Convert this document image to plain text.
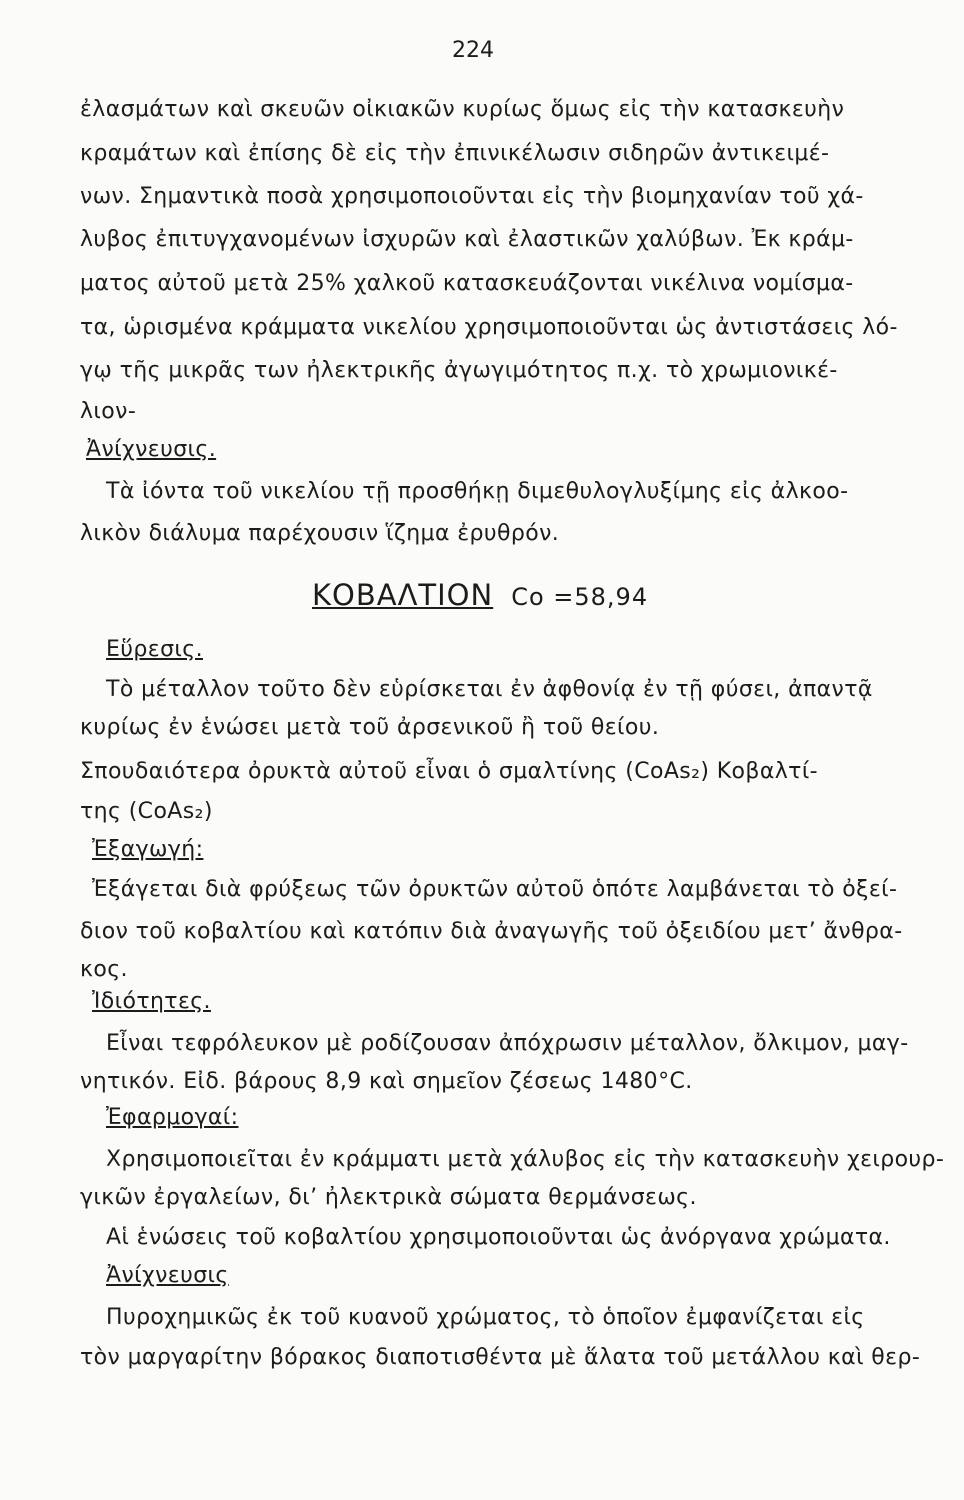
224
ἐλασμάτων καὶ σκευῶν οἰκιακῶν κυρίως ὅμως εἰς τὴν κατασκευὴν
κραμάτων καὶ ἐπίσης δὲ εἰς τὴν ἐπινικέλωσιν σιδηρῶν ἀντικειμέ-
νων. Σημαντικὰ ποσὰ χρησιμοποιοῦνται εἰς τὴν βιομηχανίαν τοῦ χά-
λυβος ἐπιτυγχανομένων ἰσχυρῶν καὶ ἐλαστικῶν χαλύβων. Ἐκ κράμ-
ματος αὐτοῦ μετὰ 25% χαλκοῦ κατασκευάζονται νικέλινα νομίσμα-
τα, ὡρισμένα κράμματα νικελίου χρησιμοποιοῦνται ὡς ἀντιστάσεις λό-
γῳ τῆς μικρᾶς των ἠλεκτρικῆς ἀγωγιμότητος π.χ. τὸ χρωμιονικέ-
λιον-
Ἀνίχνευσις.
Τὰ ἰόντα τοῦ νικελίου τῇ προσθήκῃ διμεθυλογλυξίμης εἰς ἀλκοο-
λικὸν διάλυμα παρέχουσιν ἵζημα ἐρυθρόν.
ΚΟΒΑΛΤΙΟΝ Co =58,94
Εὕρεσις.
Τὸ μέταλλον τοῦτο δὲν εὑρίσκεται ἐν ἀφθονίᾳ ἐν τῇ φύσει, ἀπαντᾷ
κυρίως ἐν ἑνώσει μετὰ τοῦ ἀρσενικοῦ ἢ τοῦ θείου.
Σπουδαιότερα ὀρυκτὰ αὐτοῦ εἶναι ὁ σμαλτίνης (CoAs₂) Κοβαλτί-
της (CoAs₂)
Ἐξαγωγή:
Ἐξάγεται διὰ φρύξεως τῶν ὀρυκτῶν αὐτοῦ ὁπότε λαμβάνεται τὸ ὀξεί-
διον τοῦ κοβαλτίου καὶ κατόπιν διὰ ἀναγωγῆς τοῦ ὀξειδίου μετ’ ἄνθρα-
κος.
Ἰδιότητες.
Εἶναι τεφρόλευκον μὲ ροδίζουσαν ἀπόχρωσιν μέταλλον, ὄλκιμον, μαγ-
νητικόν. Εἰδ. βάρους 8,9 καὶ σημεῖον ζέσεως 1480°C.
Ἐφαρμογαί:
Χρησιμοποιεῖται ἐν κράμματι μετὰ χάλυβος εἰς τὴν κατασκευὴν χειρουρ-
γικῶν ἐργαλείων, δι’ ἠλεκτρικὰ σώματα θερμάνσεως.
Αἱ ἑνώσεις τοῦ κοβαλτίου χρησιμοποιοῦνται ὡς ἀνόργανα χρώματα.
Ἀνίχνευσις
Πυροχημικῶς ἐκ τοῦ κυανοῦ χρώματος, τὸ ὁποῖον ἐμφανίζεται εἰς
τὸν μαργαρίτην βόρακος διαποτισθέντα μὲ ἅλατα τοῦ μετάλλου καὶ θερ-
